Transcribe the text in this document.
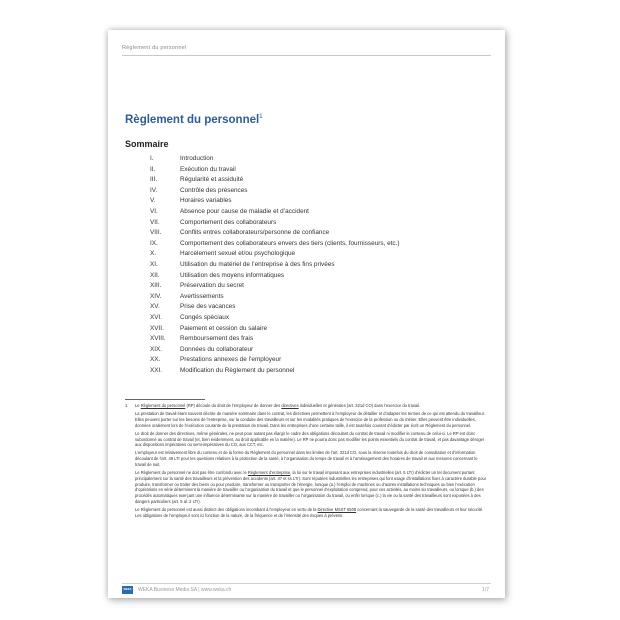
Règlement du personnel
Règlement du personnel$^1$
Sommaire
I.	Introduction
II.	Exécution du travail
III.	Régularité et assiduité
IV.	Contrôle des présences
V.	Horaires variables
VI.	Absence pour cause de maladie et d’accident
VII.	Comportement des collaborateurs
VIII.	Conflits entres collaborateurs/personne de confiance
IX.	Comportement des collaborateurs envers des tiers (clients, fournisseurs, etc.)
X.	Harcèlement sexuel et/ou psychologique
XI.	Utilisation du matériel de l’entreprise à des fins privées
XII.	Utilisation des moyens informatiques
XIII.	Préservation du secret
XIV.	Avertissements
XV.	Prise des vacances
XVI.	Congés spéciaux
XVII.	Paiement et cession du salaire
XVIII. Remboursement des frais
XIX.	Données du collaborateur
XX.	Prestations annexes de l’employeur
XXI.	Modification du Règlement du personnel
1	Le Règlement du personnel (RP) découle du droit de l’employeur de donner des directives individuelles et générales (art. 321d CO) dans l’exercice du travail.

La prestation de travail étant souvent décrite de manière sommaire dans le contrat, les directives permettent à l’employeur de détailler et d’adapter les termes de ce qui est attendu du travailleur. Elles peuvent porter sur les besoins de l’entreprise, sur la conduite des travailleurs et sur les modalités pratiques de l’exercice de la profession ou du métier. Elles peuvent être individuelles, données oralement lors de l’exécution courante de la prestation de travail. Dans les entreprises d’une certaine taille, il est toutefois courant d’édicter par écrit un Règlement du personnel.

Le droit de donner des directives, même générales, ne peut pour autant pas élargir le cadre des obligations découlant du contrat de travail ni modifier le contenu de celui-ci. Le RP est donc subordonné au contrat de travail (et, bien évidemment, au droit applicable en la matière). Le RP ne pourra donc pas modifier les points essentiels du contrat de travail, et pas davantage déroger aux dispositions impératives ou semi-impératives du CO, aux CCT, etc.

L’employeur est relativement libre du contenu et de la forme du Règlement du personnel dans les limites de l’art. 321d CO, sous la réserve toutefois du droit de consultation et d’information découlant de l’art. 48 LTr pour les questions relatives à la protection de la santé, à l’organisation du temps de travail et à l’aménagement des horaires de travail et aux mesures concernant le travail de nuit.

Le Règlement du personnel ne doit pas être confondu avec le Règlement d’entreprise, la loi sur le travail imposant aux entreprises industrielles (art. 5 LTr) d’édicter un tel document portant principalement sur la santé des travailleurs et la prévention des accidents (art. 37 et ss LTr). Sont réputées industrielles les entreprises qui font usage d’installations fixes à caractère durable pour produire, transformer ou traiter des biens ou pour produire, transformer ou transporter de l’énergie, lorsque (a.) l’emploi de machines ou d’autres installations techniques ou bien l’exécution d’opérations en série déterminent la manière de travailler ou l’organisation du travail et que le personnel d’exploitation comprend, pour ces activités, au moins six travailleurs, ou lorsque (b.) des procédés automatiques exerçant une influence déterminante sur la manière de travailler ou l’organisation du travail, ou enfin lorsque (c.) la vie ou la santé des travailleurs sont exposées à des dangers particuliers (art. 5 al. 2 LTr).

Le Règlement du personnel est aussi distinct des obligations incombant à l’employeur en vertu de la Directive MSST 6508 concernant la sauvegarde de la santé des travailleurs et leur sécurité. Les obligations de l’employeur sont ici fonction de la nature, de la fréquence et de l’intensité des risques à prévenir.

WEKA	WEKA Business Media SA | www.weka.ch	1/7
